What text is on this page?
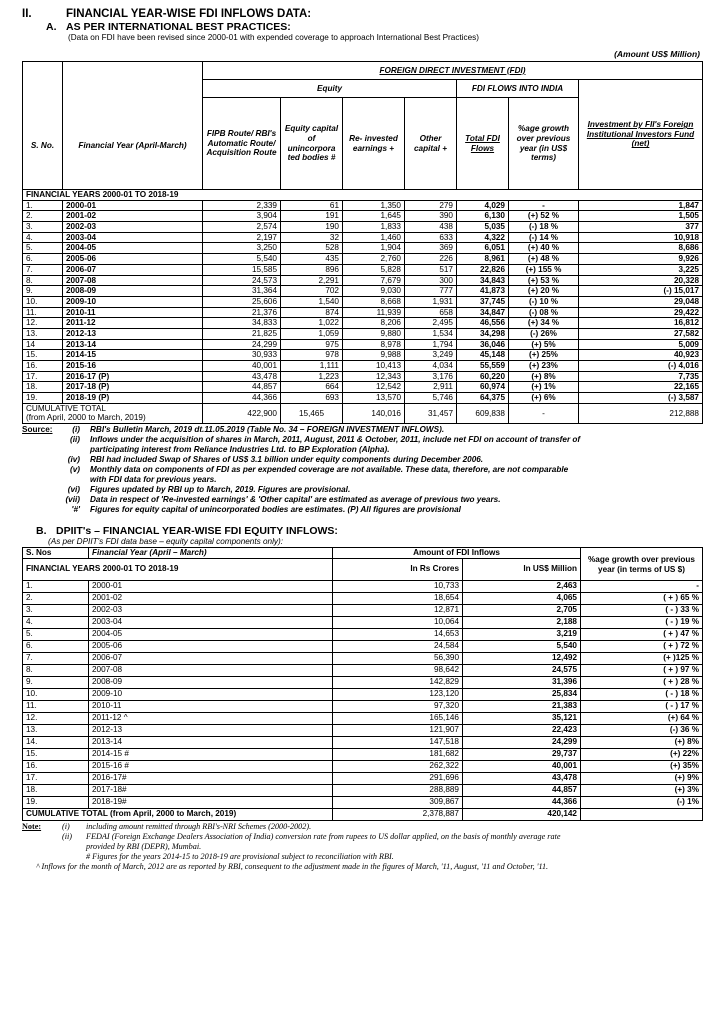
II.	FINANCIAL YEAR-WISE FDI INFLOWS DATA:
A. AS PER INTERNATIONAL BEST PRACTICES:
(Data on FDI have been revised since 2000-01 with expended coverage to approach International Best Practices)
(Amount US$ Million)
S. No.	Financial Year (April-March)	FOREIGN DIRECT INVESTMENT (FDI)						
		Equity				FDI FLOWS INTO INDIA		Investment by FII's Foreign Institutional Investors Fund (net)
		FIPB Route/ RBI's Automatic Route/ Acquisition Route	Equity capital of unincorpora ted bodies #	Re- invested earnings +	Other capital +	Total FDI Flows	%age growth over previous year (in US$ terms)	
FINANCIAL YEARS 2000-01 TO 2018-19								
1.	2000-01	2,339	61	1,350	279	4,029	-	1,847
2.	2001-02	3,904	191	1,645	390	6,130	(+) 52 %	1,505
3.	2002-03	2,574	190	1,833	438	5,035	(-) 18 %	377
4.	2003-04	2,197	32	1,460	633	4,322	(-) 14 %	10,918
5.	2004-05	3,250	528	1,904	369	6,051	(+) 40 %	8,686
6.	2005-06	5,540	435	2,760	226	8,961	(+) 48 %	9,926
7.	2006-07	15,585	896	5,828	517	22,826	(+) 155 %	3,225
8.	2007-08	24,573	2,291	7,679	300	34,843	(+) 53 %	20,328
9.	2008-09	31,364	702	9,030	777	41,873	(+) 20 %	(-) 15,017
10.	2009-10	25,606	1,540	8,668	1,931	37,745	(-) 10 %	29,048
11.	2010-11	21,376	874	11,939	658	34,847	(-) 08 %	29,422
12.	2011-12	34,833	1,022	8,206	2,495	46,556	(+) 34 %	16,812
13.	2012-13	21,825	1,059	9,880	1,534	34,298	(-) 26%	27,582
14	2013-14	24,299	975	8,978	1,794	36,046	(+) 5%	5,009
15.	2014-15	30,933	978	9,988	3,249	45,148	(+) 25%	40,923
16.	2015-16	40,001	1,111	10,413	4,034	55,559	(+) 23%	(-) 4,016
17.	2016-17 (P)	43,478	1,223	12,343	3,176	60,220	(+) 8%	7,735
18.	2017-18 (P)	44,857	664	12,542	2,911	60,974	(+) 1%	22,165
19.	2018-19 (P)	44,366	693	13,570	5,746	64,375	(+) 6%	(-) 3,587

CUMULATIVE TOTAL
(from April, 2000 to March, 2019)		422,900	15,465	140,016	31,457	609,838	-	212,888
Source:	(i)	RBI's Bulletin March, 2019 dt.11.05.2019 (Table No. 34 – FOREIGN INVESTMENT INFLOWS).
(ii)	Inflows under the acquisition of shares in March, 2011, August, 2011 & October, 2011, include net FDI on account of transfer of
participating interest from Reliance Industries Ltd. to BP Exploration (Alpha).
(iv)	RBI had included Swap of Shares of US$ 3.1 billion under equity components during December 2006.
(v)	Monthly data on components of FDI as per expended coverage are not available. These data, therefore, are not comparable
with FDI data for previous years.
(vi)	Figures updated by RBI up to March, 2019. Figures are provisional.
(vii)	Data in respect of 'Re-invested earnings' & 'Other capital' are estimated as average of previous two years.
'#'	Figures for equity capital of unincorporated bodies are estimates. (P) All figures are provisional
B. DPIIT's – FINANCIAL YEAR-WISE FDI EQUITY INFLOWS:
(As per DPIIT's FDI data base – equity capital components only):
S. Nos	Financial Year (April – March)	Amount of FDI Inflows		%age growth over previous year (in terms of US $)
FINANCIAL YEARS 2000-01 TO 2018-19		In Rs Crores	In US$ Million	
1.	2000-01	10,733	2,463	-
2.	2001-02	18,654	4,065	( + ) 65 %
3.	2002-03	12,871	2,705	( - ) 33 %
4.	2003-04	10,064	2,188	( - ) 19 %
5.	2004-05	14,653	3,219	( + ) 47 %
6.	2005-06	24,584	5,540	( + ) 72 %
7.	2006-07	56,390	12,492	(+ )125 %
8.	2007-08	98,642	24,575	( + ) 97 %
9.	2008-09	142,829	31,396	( + ) 28 %
10.	2009-10	123,120	25,834	( - ) 18 %
11.	2010-11	97,320	21,383	( - ) 17 %
12.	2011-12 ^	165,146	35,121	(+) 64 %
13.	2012-13	121,907	22,423	(-) 36 %
14.	2013-14	147,518	24,299	(+) 8%
15.	2014-15 #	181,682	29,737	(+) 22%
16.	2015-16 #	262,322	40,001	(+) 35%
17.	2016-17#	291,696	43,478	(+) 9%
18.	2017-18#	288,889	44,857	(+) 3%
19.	2018-19#	309,867	44,366	(-) 1%
CUMULATIVE TOTAL (from April, 2000 to March, 2019)		2,378,887	420,142	
Note:	(i)	including amount remitted through RBI's-NRI Schemes (2000-2002).
(ii)	FEDAI (Foreign Exchange Dealers Association of India) conversion rate from rupees to US dollar applied, on the basis of monthly average rate
provided by RBI (DEPR), Mumbai.
# Figures for the years 2014-15 to 2018-19 are provisional subject to reconciliation with RBI.
^ Inflows for the month of March, 2012 are as reported by RBI, consequent to the adjustment made in the figures of March, '11, August, '11 and October, '11.
